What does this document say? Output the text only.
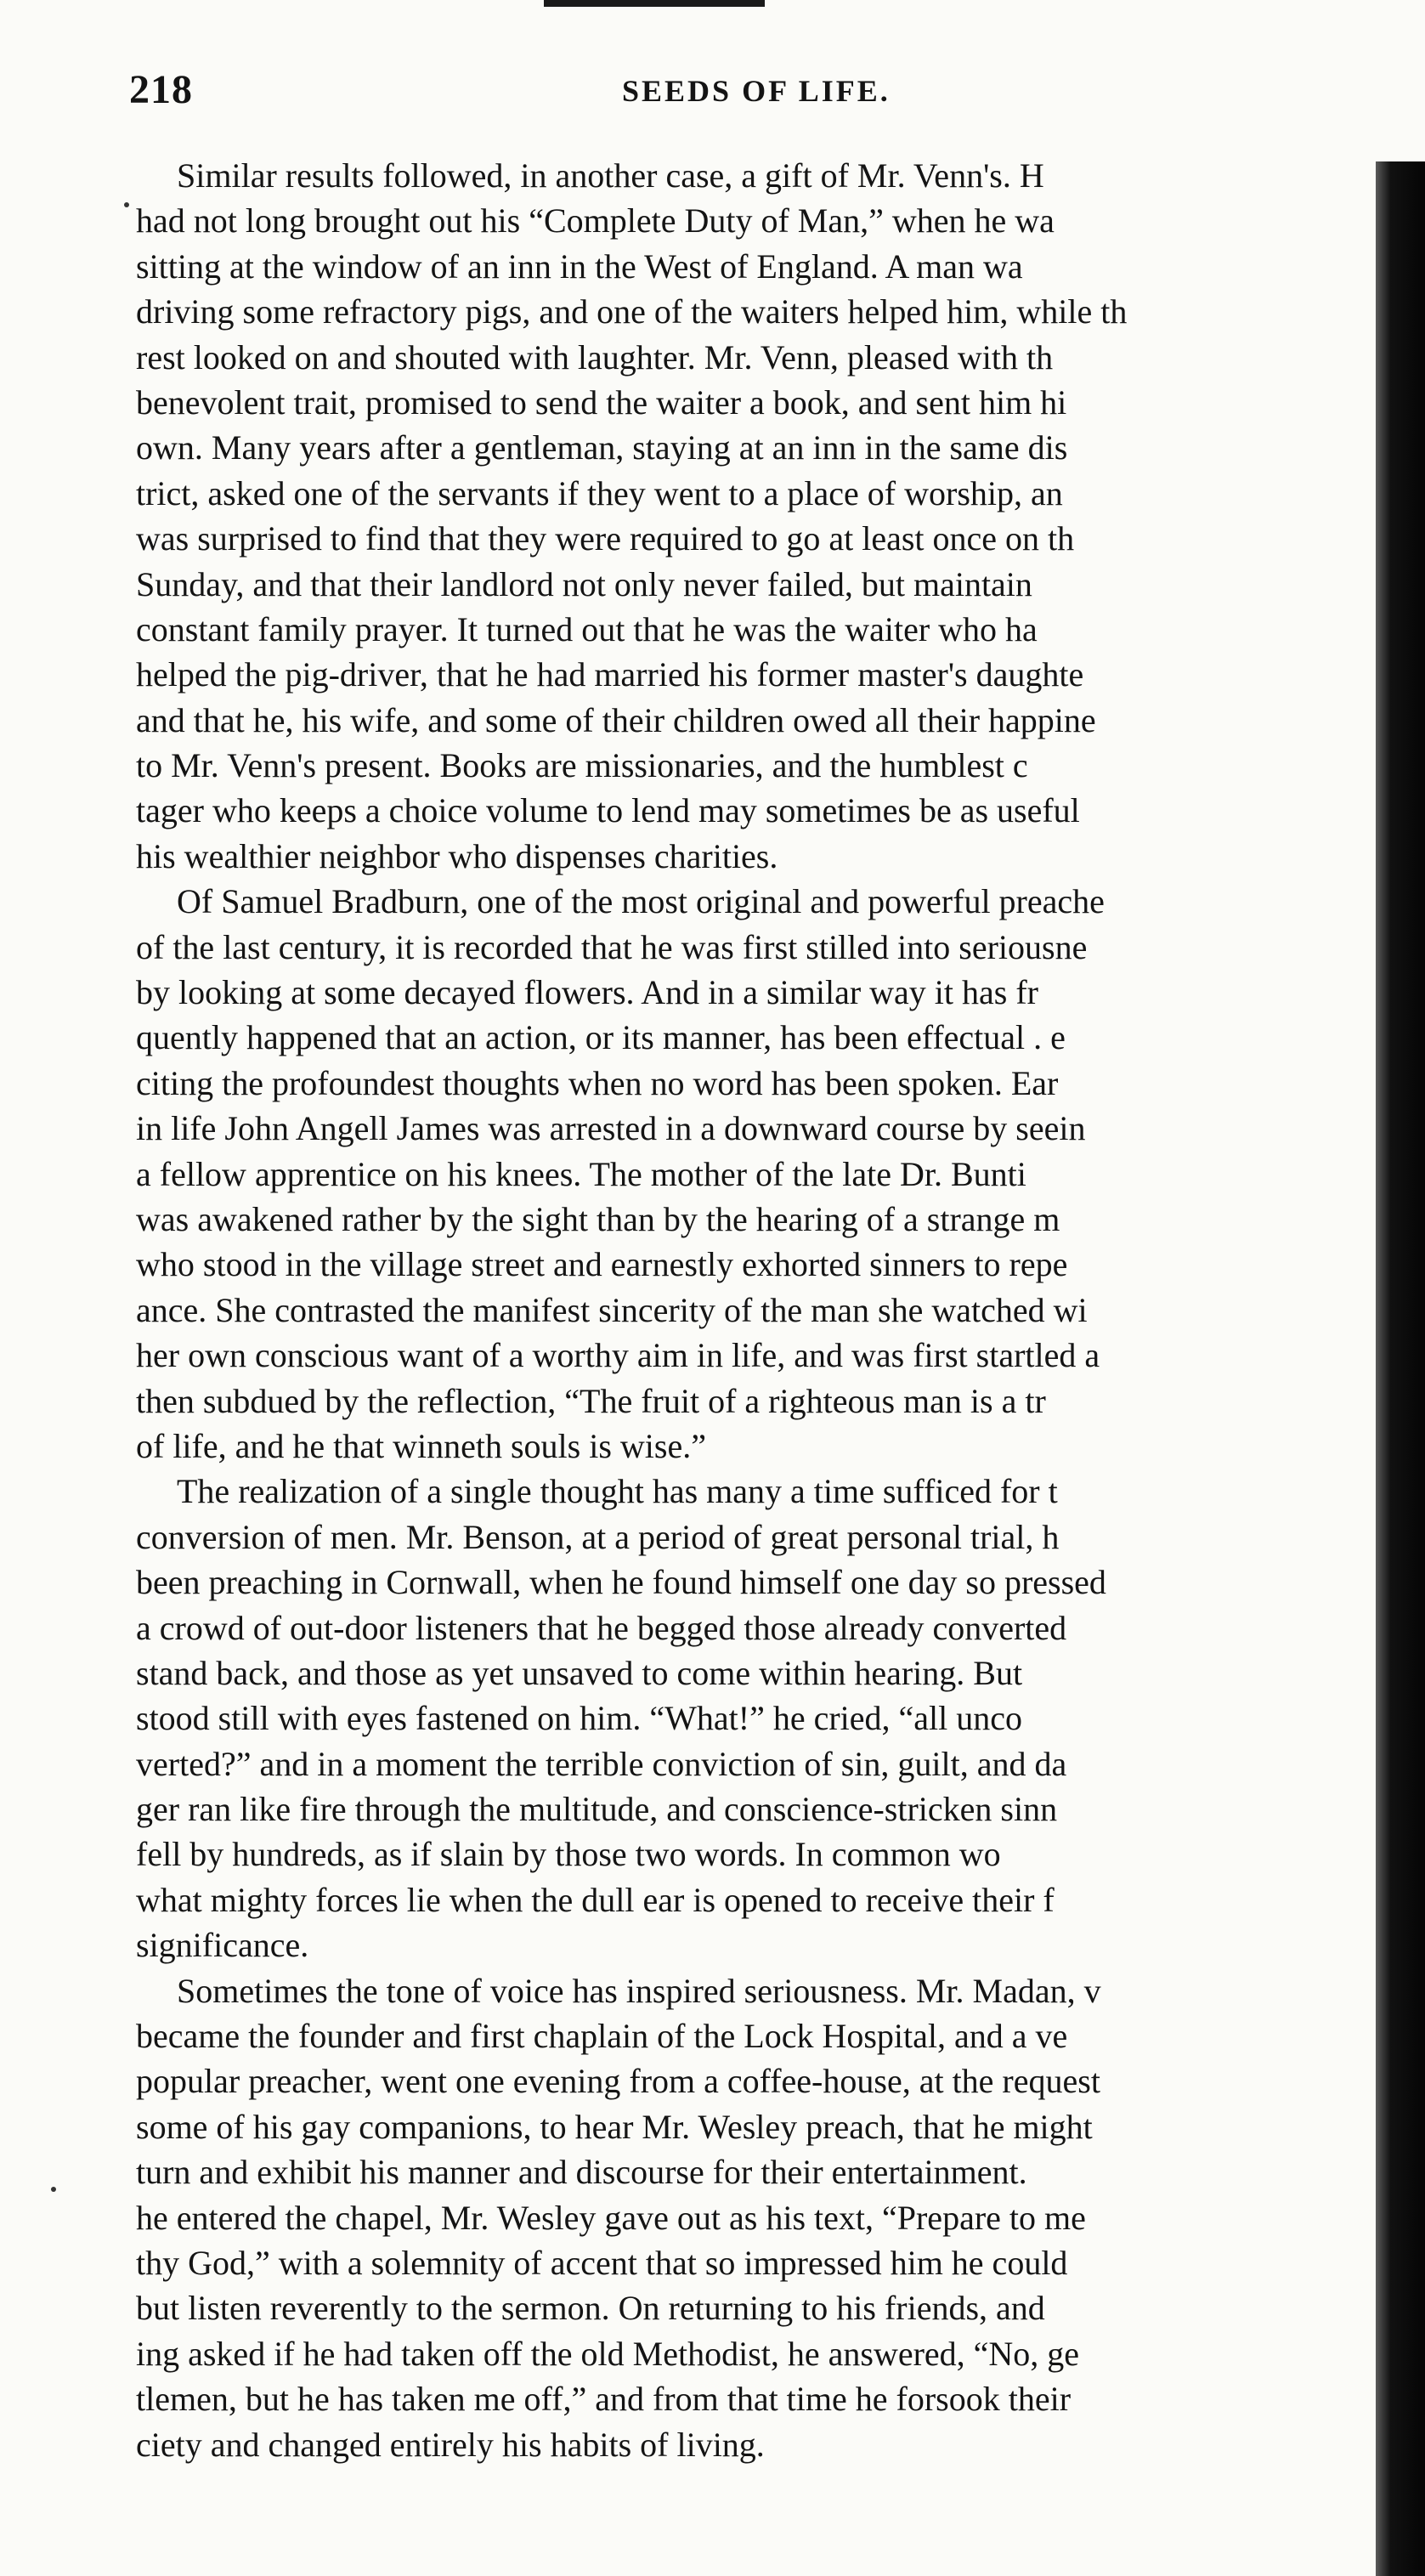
218	SEEDS OF LIFE.
Similar results followed, in another case, a gift of Mr. Venn's. H
had not long brought out his “Complete Duty of Man,” when he wa
sitting at the window of an inn in the West of England. A man wa
driving some refractory pigs, and one of the waiters helped him, while th
rest looked on and shouted with laughter. Mr. Venn, pleased with th
benevolent trait, promised to send the waiter a book, and sent him hi
own. Many years after a gentleman, staying at an inn in the same dis
trict, asked one of the servants if they went to a place of worship, an
was surprised to find that they were required to go at least once on th
Sunday, and that their landlord not only never failed, but maintain
constant family prayer. It turned out that he was the waiter who ha
helped the pig-driver, that he had married his former master's daughte
and that he, his wife, and some of their children owed all their happine
to Mr. Venn's present. Books are missionaries, and the humblest c
tager who keeps a choice volume to lend may sometimes be as useful
his wealthier neighbor who dispenses charities.
Of Samuel Bradburn, one of the most original and powerful preache
of the last century, it is recorded that he was first stilled into seriousne
by looking at some decayed flowers. And in a similar way it has fr
quently happened that an action, or its manner, has been effectual . e
citing the profoundest thoughts when no word has been spoken. Ear
in life John Angell James was arrested in a downward course by seein
a fellow apprentice on his knees. The mother of the late Dr. Bunti
was awakened rather by the sight than by the hearing of a strange m
who stood in the village street and earnestly exhorted sinners to repe
ance. She contrasted the manifest sincerity of the man she watched wi
her own conscious want of a worthy aim in life, and was first startled a
then subdued by the reflection, “The fruit of a righteous man is a tr
of life, and he that winneth souls is wise.”
The realization of a single thought has many a time sufficed for t
conversion of men. Mr. Benson, at a period of great personal trial, h
been preaching in Cornwall, when he found himself one day so pressed
a crowd of out-door listeners that he begged those already converted
stand back, and those as yet unsaved to come within hearing. But
stood still with eyes fastened on him. “What!” he cried, “all unco
verted?” and in a moment the terrible conviction of sin, guilt, and da
ger ran like fire through the multitude, and conscience-stricken sinn
fell by hundreds, as if slain by those two words. In common wo
what mighty forces lie when the dull ear is opened to receive their f
significance.
Sometimes the tone of voice has inspired seriousness. Mr. Madan, v
became the founder and first chaplain of the Lock Hospital, and a ve
popular preacher, went one evening from a coffee-house, at the request
some of his gay companions, to hear Mr. Wesley preach, that he might
turn and exhibit his manner and discourse for their entertainment.
he entered the chapel, Mr. Wesley gave out as his text, “Prepare to me
thy God,” with a solemnity of accent that so impressed him he could
but listen reverently to the sermon. On returning to his friends, and
ing asked if he had taken off the old Methodist, he answered, “No, ge
tlemen, but he has taken me off,” and from that time he forsook their
ciety and changed entirely his habits of living.
